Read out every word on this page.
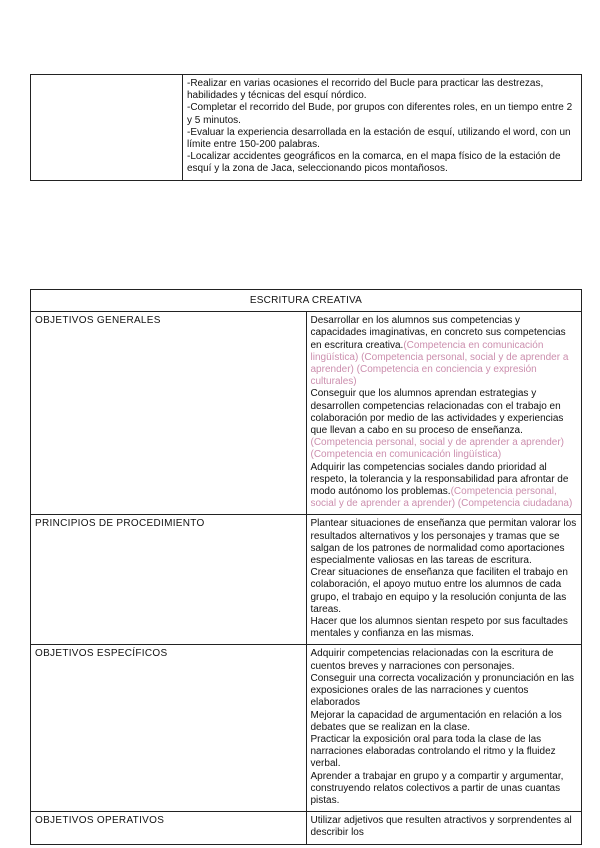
-Realizar en varias ocasiones el recorrido del Bucle para practicar las destrezas, habilidades y técnicas del esquí nórdico.
-Completar el recorrido del Bude, por grupos con diferentes roles, en un tiempo entre 2 y 5 minutos.
-Evaluar la experiencia desarrollada en la estación de esquí, utilizando el word, con un límite entre 150-200 palabras.
-Localizar accidentes geográficos en la comarca, en el mapa físico de la estación de esquí y la zona de Jaca, seleccionando picos montañosos.
ESCRITURA CREATIVA	
OBJETIVOS GENERALES	Desarrollar en los alumnos sus competencias y capacidades imaginativas, en concreto sus competencias en escritura creativa.(Competencia en comunicación lingüística) (Competencia personal, social y de aprender a aprender) (Competencia en conciencia y expresión culturales)
Conseguir que los alumnos aprendan estrategias y desarrollen competencias relacionadas con el trabajo en colaboración por medio de las actividades y experiencias que llevan a cabo en su proceso de enseñanza.(Competencia personal, social y de aprender a aprender) (Competencia en comunicación lingüística)
Adquirir las competencias sociales dando prioridad al respeto, la tolerancia y la responsabilidad para afrontar de modo autónomo los problemas.(Competencia personal, social y de aprender a aprender) (Competencia ciudadana)

PRINCIPIOS DE PROCEDIMIENTO	Plantear situaciones de enseñanza que permitan valorar los resultados alternativos y los personajes y tramas que se salgan de los patrones de normalidad como aportaciones especialmente valiosas en las tareas de escritura.
Crear situaciones de enseñanza que faciliten el trabajo en colaboración, el apoyo mutuo entre los alumnos de cada grupo, el trabajo en equipo y la resolución conjunta de las tareas.
Hacer que los alumnos sientan respeto por sus facultades mentales y confianza en las mismas.

OBJETIVOS ESPECÍFICOS	Adquirir competencias relacionadas con la escritura de cuentos breves y narraciones con personajes.
Conseguir una correcta vocalización y pronunciación en las exposiciones orales de las narraciones y cuentos elaborados
Mejorar la capacidad de argumentación en relación a los debates que se realizan en la clase.
Practicar la exposición oral para toda la clase de las narraciones elaboradas controlando el ritmo y la fluidez verbal.
Aprender a trabajar en grupo y a compartir y argumentar, construyendo relatos colectivos a partir de unas cuantas pistas.

OBJETIVOS OPERATIVOS	Utilizar adjetivos que resulten atractivos y sorprendentes al describir los
